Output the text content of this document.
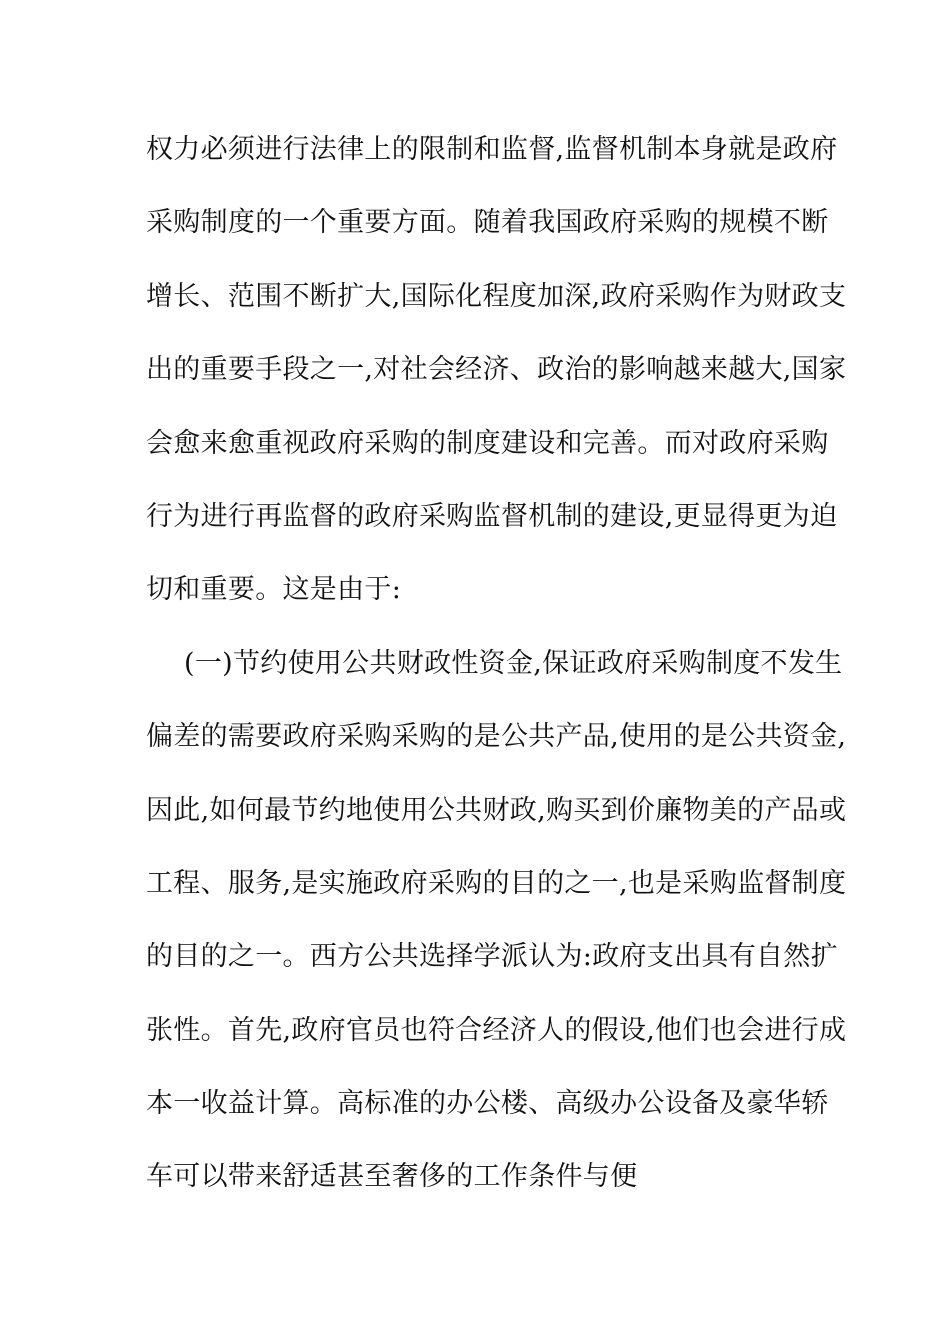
权力必须进行法律上的限制和监督,监督机制本身就是政府
采购制度的一个重要方面。随着我国政府采购的规模不断
增长、范围不断扩大,国际化程度加深,政府采购作为财政支
出的重要手段之一,对社会经济、政治的影响越来越大,国家
会愈来愈重视政府采购的制度建设和完善。而对政府采购
行为进行再监督的政府采购监督机制的建设,更显得更为迫
切和重要。这是由于:
(一)节约使用公共财政性资金,保证政府采购制度不发生
偏差的需要政府采购采购的是公共产品,使用的是公共资金,
因此,如何最节约地使用公共财政,购买到价廉物美的产品或
工程、服务,是实施政府采购的目的之一,也是采购监督制度
的目的之一。西方公共选择学派认为:政府支出具有自然扩
张性。首先,政府官员也符合经济人的假设,他们也会进行成
本一收益计算。高标准的办公楼、高级办公设备及豪华轿
车可以带来舒适甚至奢侈的工作条件与便
